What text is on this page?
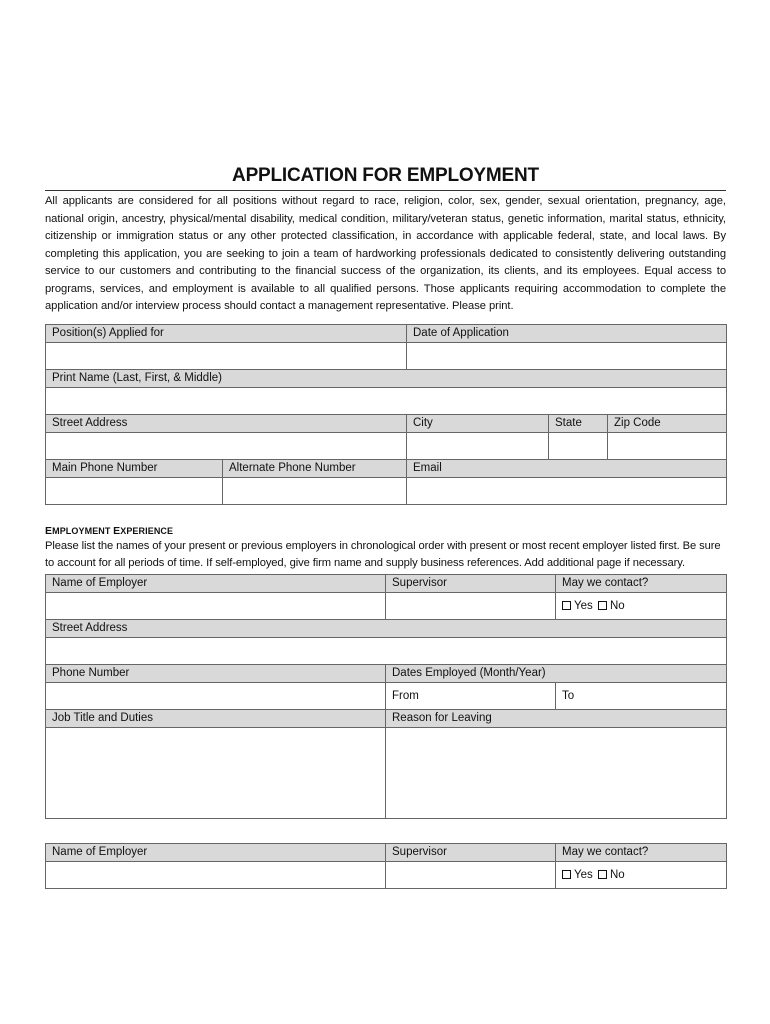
APPLICATION FOR EMPLOYMENT

All applicants are considered for all positions without regard to race, religion, color, sex, gender, sexual orientation, pregnancy, age, national origin, ancestry, physical/mental disability, medical condition, military/veteran status, genetic information, marital status, ethnicity, citizenship or immigration status or any other protected classification, in accordance with applicable federal, state, and local laws. By completing this application, you are seeking to join a team of hardworking professionals dedicated to consistently delivering outstanding service to our customers and contributing to the financial success of the organization, its clients, and its employees. Equal access to programs, services, and employment is available to all qualified persons. Those applicants requiring accommodation to complete the application and/or interview process should contact a management representative. Please print.

Position(s) Applied for		Date of Application		

Print Name (Last, First, & Middle)				

Street Address		City	State	Zip Code

Main Phone Number	Alternate Phone Number	Email		

EMPLOYMENT EXPERIENCE

Please list the names of your present or previous employers in chronological order with present or most recent employer listed first. Be sure to account for all periods of time. If self-employed, give firm name and supply business references. Add additional page if necessary.

Name of Employer	Supervisor	May we contact?
		Yes No
Street Address		

Phone Number	Dates Employed (Month/Year)	
	From	To
Job Title and Duties	Reason for Leaving	

Name of Employer	Supervisor	May we contact?
		Yes No
